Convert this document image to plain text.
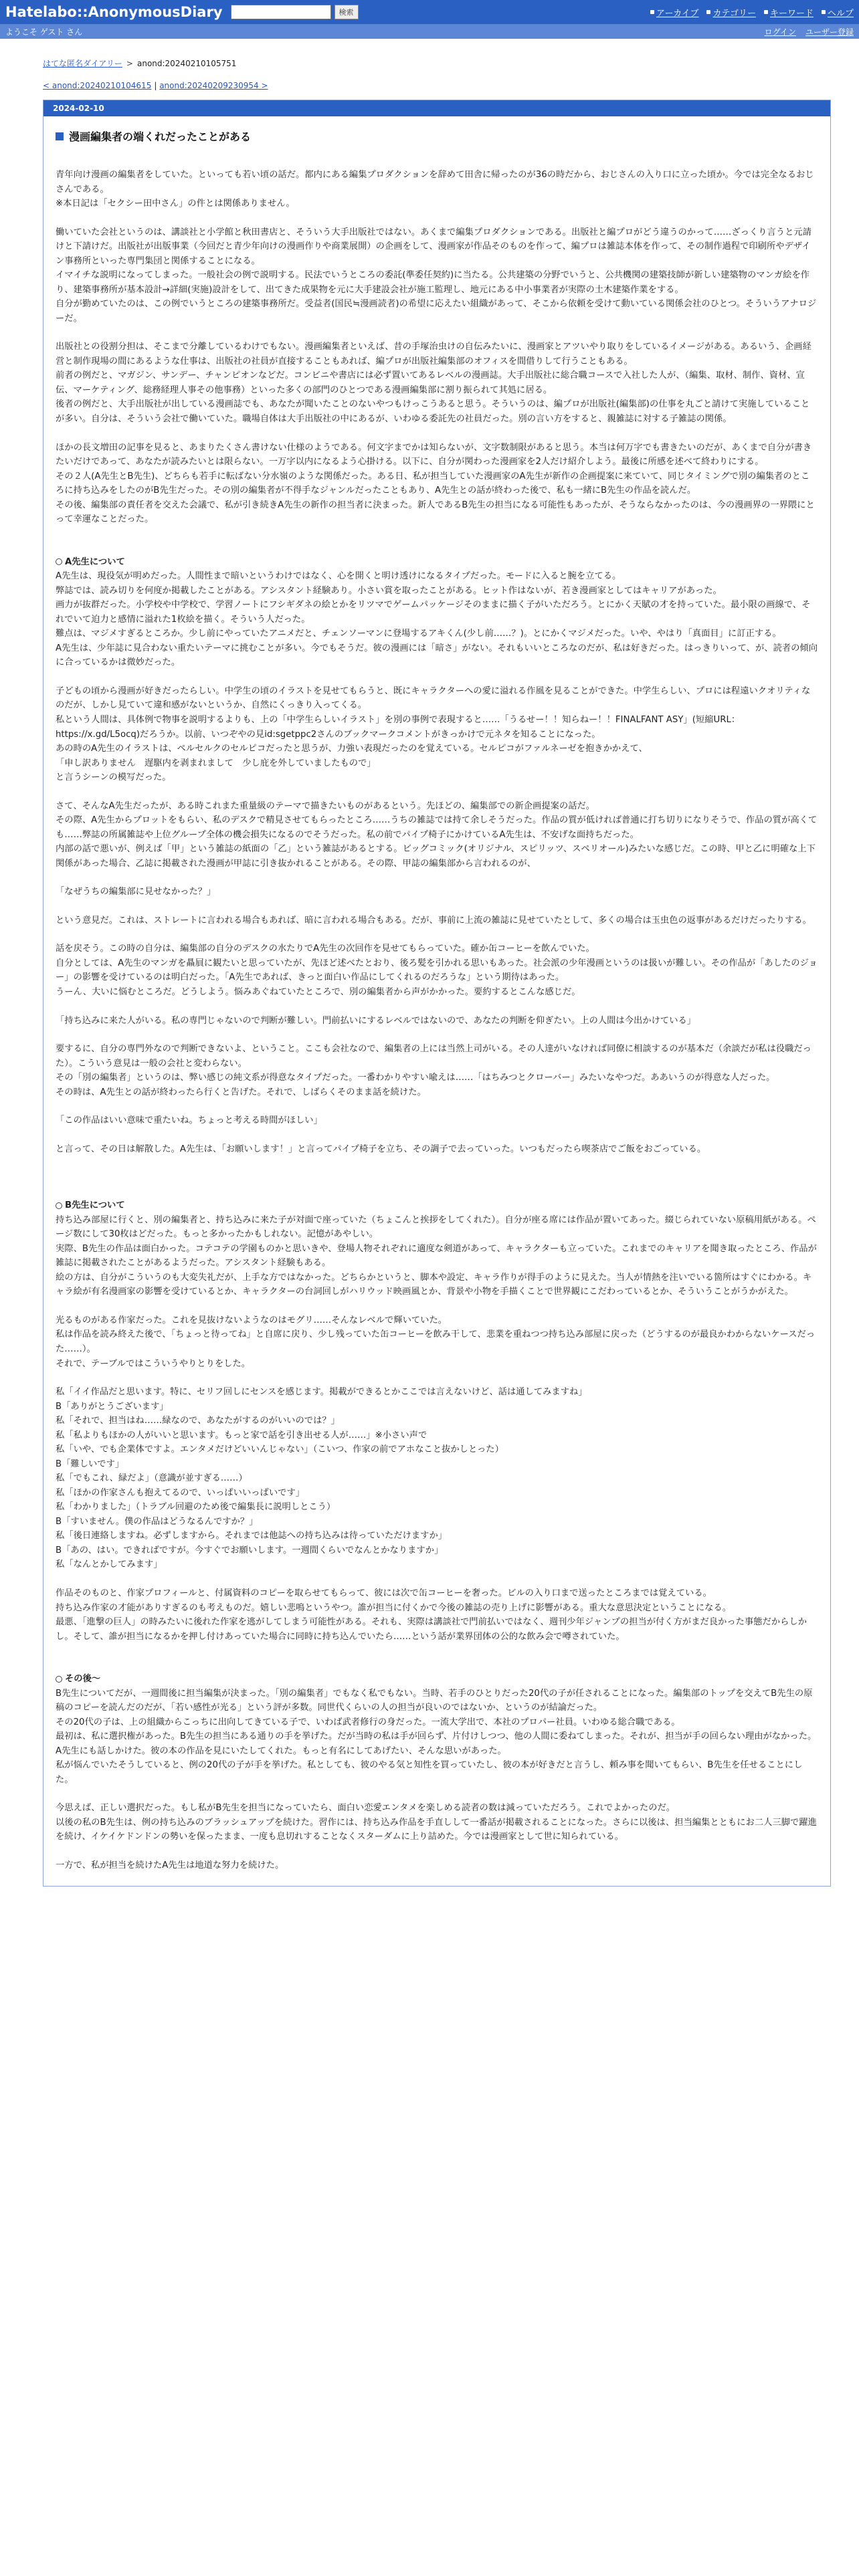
Hatelabo::AnonymousDiary	検索	アーカイブ カテゴリー キーワード ヘルプ
ようこそ ゲスト さん	ログイン ユーザー登録
はてな匿名ダイアリー > anond:20240210105751
< anond:20240210104615 | anond:20240209230954 >
2024-02-10
漫画編集者の端くれだったことがある

青年向け漫画の編集者をしていた。といっても若い頃の話だ。都内にある編集プロダクションを辞めて田舎に帰ったのが36の時だから、おじさんの入り口に立った頃か。今では完全なるおじさんである。

※本日記は「セクシー田中さん」の件とは関係ありません。

働いていた会社というのは、講談社と小学館と秋田書店と、そういう大手出版社ではない。あくまで編集プロダクションである。出版社と編プロがどう違うのかって……ざっくり言うと元請けと下請けだ。出版社が出版事業（今回だと青少年向けの漫画作りや商業展開）の企画をして、漫画家が作品そのものを作って、編プロは雑誌本体を作って、その制作過程で印刷所やデザイン事務所といった専門集団と関係することになる。

イマイチな説明になってしまった。一般社会の例で説明する。民法でいうところの委託(準委任契約)に当たる。公共建築の分野でいうと、公共機関の建築技師が新しい建築物のマンガ絵を作り、建築事務所が基本設計→詳細(実施)設計をして、出てきた成果物を元に大手建設会社が施工監理し、地元にある中小事業者が実際の土木建築作業をする。

自分が勤めていたのは、この例でいうところの建築事務所だ。受益者(国民≒漫画読者)の希望に応えたい組織があって、そこから依頼を受けて動いている関係会社のひとつ。そういうアナロジーだ。

出版社との役割分担は、そこまで分離しているわけでもない。漫画編集者といえば、昔の手塚治虫けの自伝みたいに、漫画家とアツいやり取りをしているイメージがある。あるいう、企画経営と制作現場の間にあるような仕事は、出版社の社員が直接することもあれば、編プロが出版社編集部のオフィスを間借りして行うこともある。

前者の例だと、マガジン、サンデー、チャンピオンなどだ。コンビニや書店には必ず置いてあるレベルの漫画誌。大手出版社に総合職コースで入社した人が、（編集、取材、制作、資材、宣伝、マーケティング、総務経理人事その他事務）といった多くの部門のひとつである漫画編集部に割り振られて其処に居る。

後者の例だと、大手出版社が出している漫画誌でも、あなたが聞いたことのないやつもけっこうあると思う。そういうのは、編プロが出版社(編集部)の仕事を丸ごと請けて実施していることが多い。自分は、そういう会社で働いていた。職場自体は大手出版社の中にあるが、いわゆる委託先の社員だった。別の言い方をすると、親雑誌に対する子雑誌の関係。

ほかの長文増田の記事を見ると、あまりたくさん書けない仕様のようである。何文字までかは知らないが、文字数制限があると思う。本当は何万字でも書きたいのだが、あくまで自分が書きたいだけであって、あなたが読みたいとは限らない。一万字以内になるよう心掛ける。以下に、自分が関わった漫画家を2人だけ紹介しよう。最後に所感を述べて終わりにする。

その２人(A先生とB先生)、どちらも若手に転ばない分水嶺のような関係だった。ある日、私が担当していた漫画家のA先生が新作の企画提案に来ていて、同じタイミングで別の編集者のところに持ち込みをしたのがB先生だった。その別の編集者が不得手なジャンルだったこともあり、A先生との話が終わった後で、私も一緒にB先生の作品を読んだ。

その後、編集部の責任者を交えた会議で、私が引き続きA先生の新作の担当者に決まった。新人であるB先生の担当になる可能性もあったが、そうならなかったのは、今の漫画界の一界隈にとって幸運なことだった。

A先生について

A先生は、現役気が明めだった。人間性まで暗いというわけではなく、心を開くと明け透けになるタイプだった。モードに入ると腕を立てる。

弊誌では、読み切りを何度か掲載したことがある。アシスタント経験あり。小さい賞を取ったことがある。ヒット作はないが、若き漫画家としてはキャリアがあった。

画力が抜群だった。小学校や中学校で、学習ノートにフシギダネの絵とかをリツマでゲームパッケージそのままに描く子がいただろう。とにかく天賦の才を持っていた。最小限の画線で、それでいて迫力と感情に溢れた1枚絵を描く。そういう人だった。

難点は、マジメすぎるところか。少し前にやっていたアニメだと、チェンソーマンに登場するアキくん(少し前……？)。とにかくマジメだった。いや、やはり「真面目」に訂正する。

A先生は、少年誌に見合わない重たいテーマに挑むことが多い。今でもそうだ。彼の漫画には「暗さ」がない。それもいいところなのだが、私は好きだった。はっきりいって、が、読者の傾向に合っているかは微妙だった。

子どもの頃から漫画が好きだったらしい。中学生の頃のイラストを見せてもらうと、既にキャラクターへの愛に溢れる作風を見ることができた。中学生らしい、プロには程遠いクオリティなのだが、しかし見ていて違和感がないというか、自然にくっきり入ってくる。

私という人間は、具体例で物事を説明するよりも、上の「中学生らしいイラスト」を別の事例で表現すると……「うるせー！！知らねー！！FINALFANT ASY」(短縮URL：https://x.gd/L5ocq)だろうか。以前、いつぞやの見id:sgetppc2さんのブックマークコメントがきっかけで元ネタを知ることになった。

あの時のA先生のイラストは、ペルセルクのセルピコだったと思うが、力強い表現だったのを覚えている。セルピコがファルネーゼを抱きかかえて、

「申し訳ありません　遅駆内を剥まれまして　少し庇を外していましたもので」

と言うシーンの模写だった。

さて、そんなA先生だったが、ある時これまた重量級のテーマで描きたいものがあるという。先ほどの、編集部での新企画提案の話だ。

その際、A先生からプロットをもらい、私のデスクで精見させてもらったところ……うちの雑誌では持て余しそうだった。作品の質が低ければ普通に打ち切りになりそうで、作品の質が高くても……弊誌の所属雑誌や上位グループ全体の機会損失になるのでそうだった。私の前でパイプ椅子にかけているA先生は、不安げな面持ちだった。

内部の話で悪いが、例えば「甲」という雑誌の紙面の「乙」という雑誌があるとする。ビッグコミック(オリジナル、スピリッツ、スペリオール)みたいな感じだ。この時、甲と乙に明確な上下関係があった場合、乙誌に掲載された漫画が甲誌に引き抜かれることがある。その際、甲誌の編集部から言われるのが、

「なぜうちの編集部に見せなかった？」

という意見だ。これは、ストレートに言われる場合もあれば、暗に言われる場合もある。だが、事前に上流の雑誌に見せていたとして、多くの場合は玉虫色の返事があるだけだったりする。

話を戻そう。この時の自分は、編集部の自分のデスクの水たりでA先生の次回作を見せてもらっていた。確か缶コーヒーを飲んでいた。

自分としては、A先生のマンガを贔屓に観たいと思っていたが、先ほど述べたとおり、後ろ髪を引かれる思いもあった。社会派の少年漫画というのは扱いが難しい。その作品が「あしたのジョー」の影響を受けているのは明白だった。「A先生であれば、きっと面白い作品にしてくれるのだろうな」という期待はあった。

うーん、大いに悩むところだ。どうしよう。悩みあぐねていたところで、別の編集者から声がかかった。要約するとこんな感じだ。

「持ち込みに来た人がいる。私の専門じゃないので判断が難しい。門前払いにするレベルではないので、あなたの判断を仰ぎたい。上の人間は今出かけている」

要するに、自分の専門外なので判断できないよ、ということ。ここも会社なので、編集者の上には当然上司がいる。その人達がいなければ同僚に相談するのが基本だ（余談だが私は役職だった）。こういう意見は一般の会社と変わらない。

その「別の編集者」というのは、弊い感じの純文系が得意なタイプだった。一番わかりやすい喩えは……「はちみつとクローバー」みたいなやつだ。ああいうのが得意な人だった。

その時は、A先生との話が終わったら行くと告げた。それで、しばらくそのまま話を続けた。

「この作品はいい意味で重たいね。ちょっと考える時間がほしい」

と言って、その日は解散した。A先生は、「お願いします！」と言ってパイプ椅子を立ち、その調子で去っていった。いつもだったら喫茶店でご飯をおごっている。

B先生について

持ち込み部屋に行くと、別の編集者と、持ち込みに来た子が対面で座っていた（ちょこんと挨拶をしてくれた）。自分が座る席には作品が置いてあった。綴じられていない原稿用紙がある。ページ数にして30枚はどだった。もっと多かったかもしれない。記憶があやしい。

実際、B先生の作品は面白かった。コテコテの学園ものかと思いきや、登場人物それぞれに適度な剣道があって、キャラクターも立っていた。これまでのキャリアを聞き取ったところ、作品が雑誌に掲載されたことがあるようだった。アシスタント経験もある。

絵の方は、自分がこういうのも大変失礼だが、上手な方ではなかった。どちらかというと、脚本や設定、キャラ作りが得手のように見えた。当人が情熱を注いでいる箇所はすぐにわかる。キャラ絵が有名漫画家の影響を受けているとか、キャラクターの台詞回しがハリウッド映画風とか、背景や小物を手描くことで世界観にこだわっているとか、そういうことがうかがえた。

光るものがある作家だった。これを見抜けないようなのはモグリ……そんなレベルで輝いていた。

私は作品を読み終えた後で、「ちょっと待ってね」と自席に戻り、少し残っていた缶コーヒーを飲み干して、悲業を重ねつつ持ち込み部屋に戻った（どうするのが最良かわからないケースだった……）。

それで、テーブルではこういうやりとりをした。

私「イイ作品だと思います。特に、セリフ回しにセンスを感じます。掲載ができるとかここでは言えないけど、話は通してみますね」

B「ありがとうございます」

私「それで、担当はね……緑なので、あなたがするのがいいのでは？」

私「私よりもほかの人がいいと思います。もっと家で話を引き出せる人が……」※小さい声で

私「いや、でも企業体ですよ。エンタメだけどいいんじゃない」（こいつ、作家の前でアホなこと抜かしとった）

B「難しいです」

私「でもこれ、緑だよ」（意識が並すぎる……）

私「ほかの作家さんも抱えてるので、いっぱいいっぱいです」

私「わかりました」（トラブル回避のため後で編集長に説明しとこう）

B「すいません。僕の作品はどうなるんですか？」

私「後日連絡しますね。必ずしますから。それまでは他誌への持ち込みは待っていただけますか」

B「あの、はい。できればですが。今すぐでお願いします。一週間くらいでなんとかなりますか」

私「なんとかしてみます」

作品そのものと、作家プロフィールと、付属資料のコピーを取らせてもらって、彼には次で缶コーヒーを奢った。ビルの入り口まで送ったところまでは覚えている。

持ち込み作家の才能がありすぎるのも考えものだ。嬉しい悲鳴というやつ。誰が担当に付くかで今後の雑誌の売り上げに影響がある。重大な意思決定ということになる。

最悪、「進撃の巨人」の時みたいに後れた作家を逃がしてしまう可能性がある。それも、実際は講談社で門前払いではなく、週刊少年ジャンプの担当が付く方がまだ良かった事態だからしかし。そして、誰が担当になるかを押し付けあっていた場合に同時に持ち込んでいたら……という話が業界団体の公的な飲み会で噂されていた。

その後～

B先生についてだが、一週間後に担当編集が決まった。「別の編集者」でもなく私でもない。当時、若手のひとりだった20代の子が任されることになった。編集部のトップを交えてB先生の原稿のコピーを読んだのだが、「若い感性が光る」という評が多数。同世代くらいの人の担当が良いのではないか、というのが結論だった。

その20代の子は、上の組織からこっちに出向してきている子で、いわば武者修行の身だった。一流大学出で、本社のプロパー社員。いわゆる総合職である。

最初は、私に選択権があった。B先生の担当にある通りの手を挙げた。だが当時の私は手が回らず、片付けしつつ、他の人間に委ねてしまった。それが、担当が手の回らない理由がなかった。

A先生にも話しかけた。彼の本の作品を見にいたしてくれた。もっと有名にしてあげたい、そんな思いがあった。

私が悩んでいたそうしていると、例の20代の子が手を挙げた。私としても、彼のやる気と知性を買っていたし、彼の本が好きだと言うし、頼み事を聞いてもらい、B先生を任せることにした。

今思えば、正しい選択だった。もし私がB先生を担当になっていたら、面白い恋愛エンタメを楽しめる読者の数は減っていただろう。これでよかったのだ。

以後の私のB先生は、例の持ち込みのブラッシュアップを続けた。習作には、持ち込み作品を手直しして一番話が掲載されることになった。さらに以後は、担当編集とともにお二人三脚で躍進を続け、イケイケドンドンの勢いを保ったまま、一度も息切れすることなくスターダムに上り詰めた。今では漫画家として世に知られている。

一方で、私が担当を続けたA先生は地道な努力を続けた。
